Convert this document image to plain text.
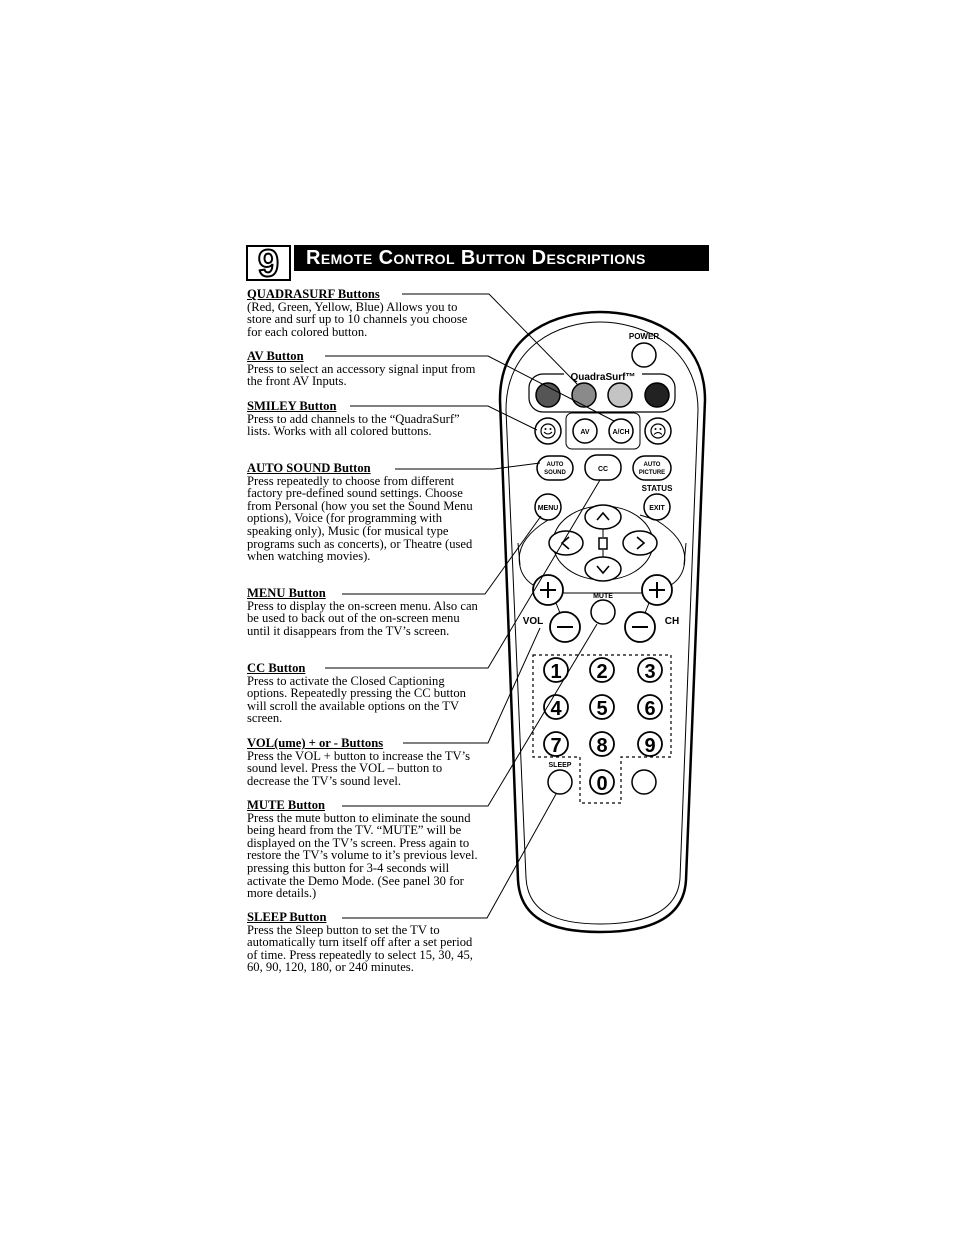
9	Remote Control Button Descriptions
QUADRASURF Buttons
(Red, Green, Yellow, Blue) Allows you to store and surf up to 10 channels you choose for each colored button.
AV Button
Press to select an accessory signal input from the front AV Inputs.
SMILEY Button
Press to add channels to the “QuadraSurf” lists. Works with all colored buttons.
AUTO SOUND Button
Press repeatedly to choose from different factory pre-defined sound settings. Choose from Personal (how you set the Sound Menu options), Voice (for programming with speaking only), Music (for musical type programs such as concerts), or Theatre (used when watching movies).
MENU Button
Press to display the on-screen menu. Also can be used to back out of the on-screen menu until it disappears from the TV’s screen.
CC Button
Press to activate the Closed Captioning options. Repeatedly pressing the CC button will scroll the available options on the TV screen.
VOL(ume) + or - Buttons
Press the VOL + button to increase the TV’s sound level. Press the VOL – button to decrease the TV’s sound level.
MUTE Button
Press the mute button to eliminate the sound being heard from the TV. “MUTE” will be displayed on the TV’s screen. Press again to restore the TV’s volume to it’s previous level. pressing this button for 3-4 seconds will activate the Demo Mode. (See panel 30 for more details.)
SLEEP Button
Press the Sleep button to set the TV to automatically turn itself off after a set period of time. Press repeatedly to select 15, 30, 45, 60, 90, 120, 180, or 240 minutes.
POWER
QuadraSurf™
AV	A/CH
AUTO
SOUND	CC
AUTO
PICTURE
STATUS
MENU	EXIT
VOL
MUTE
CH
1 2 3
4 5 6
7 8 9
0
SLEEP
